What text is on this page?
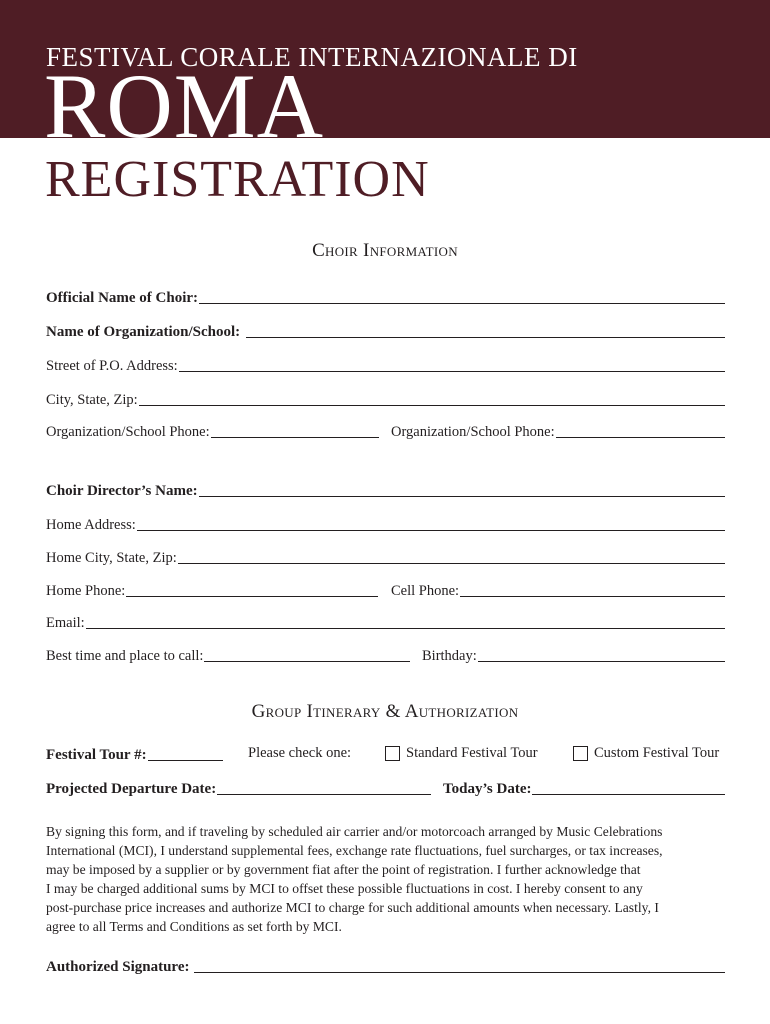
FESTIVAL CORALE INTERNAZIONALE DI
ROMA
REGISTRATION
Choir Information
Official Name of Choir:
Name of Organization/School:
Street of P.O. Address:
City, State, Zip:
Organization/School Phone:	Organization/School Phone:
Choir Director’s Name:
Home Address:
Home City, State, Zip:
Home Phone:	Cell Phone:
Email:
Best time and place to call:	Birthday:
Group Itinerary & Authorization
Festival Tour #:	Please check one:	Standard Festival Tour	Custom Festival Tour
Projected Departure Date:	Today’s Date:

By signing this form, and if traveling by scheduled air carrier and/or motorcoach arranged by Music Celebrations

International (MCI), I understand supplemental fees, exchange rate fluctuations, fuel surcharges, or tax increases,

may be imposed by a supplier or by government fiat after the point of registration. I further acknowledge that

I may be charged additional sums by MCI to offset these possible fluctuations in cost. I hereby consent to any

post-purchase price increases and authorize MCI to charge for such additional amounts when necessary. Lastly, I

agree to all Terms and Conditions as set forth by MCI.

Authorized Signature:
